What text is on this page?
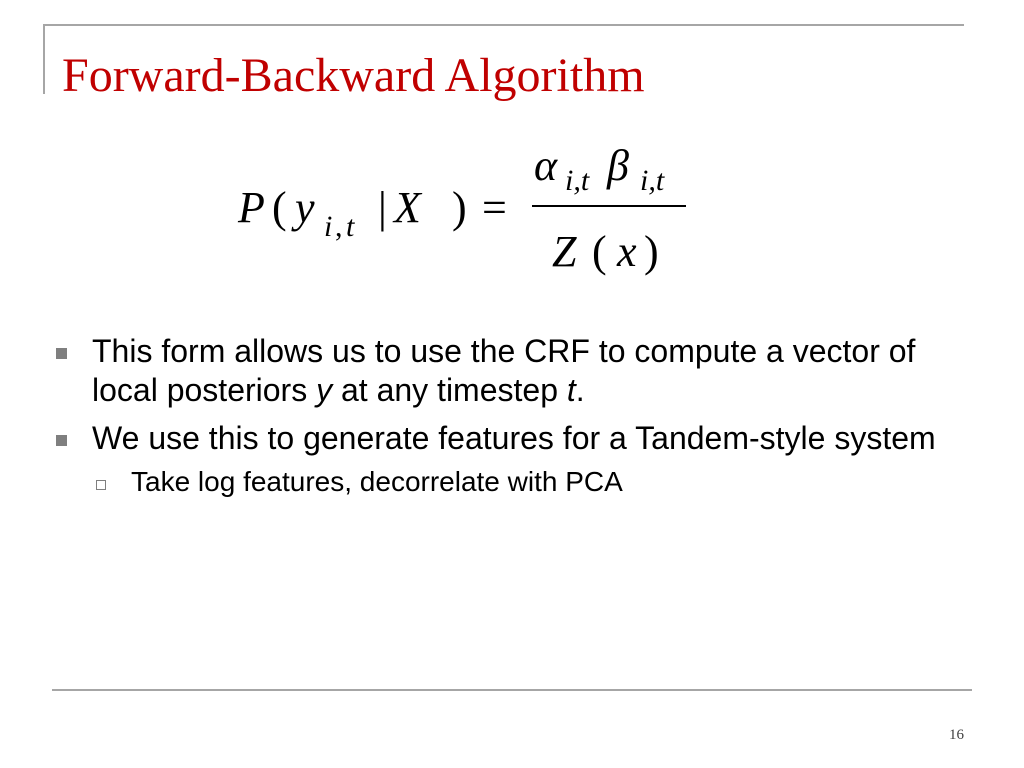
Forward-Backward Algorithm
P ( y i , t | X ) =
α i,t β i,t
Z ( x )
This form allows us to use the CRF to compute a vector of local posteriors y at any timestep t.
We use this to generate features for a Tandem-style system
Take log features, decorrelate with PCA
16
